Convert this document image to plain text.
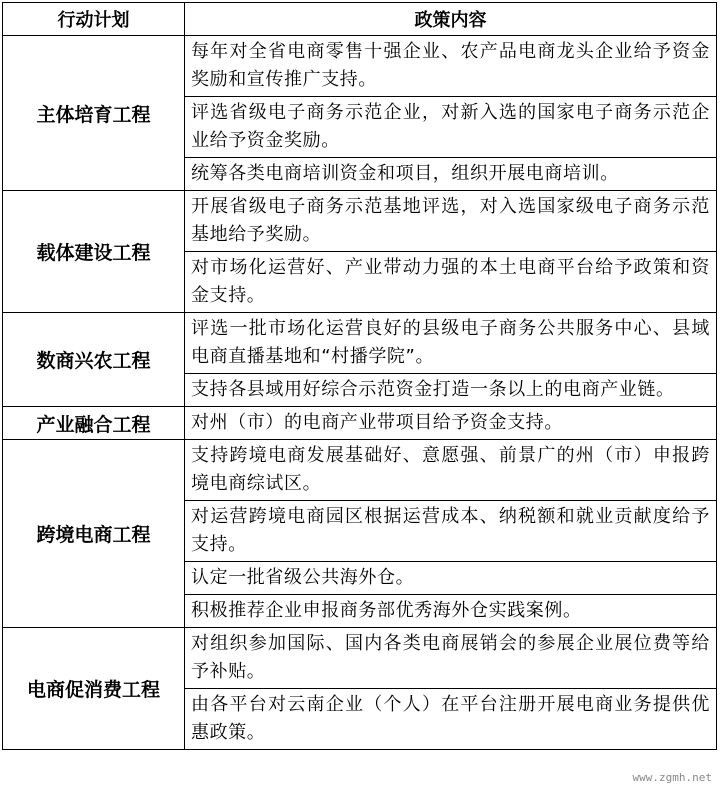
行动计划	政策内容
主体培育工程	每年对全省电商零售十强企业、农产品电商龙头企业给予资金奖励和宣传推广支持。
	评选省级电子商务示范企业，对新入选的国家电子商务示范企业给予资金奖励。
	统筹各类电商培训资金和项目，组织开展电商培训。
载体建设工程	开展省级电子商务示范基地评选，对入选国家级电子商务示范基地给予奖励。
	对市场化运营好、产业带动力强的本土电商平台给予政策和资金支持。
数商兴农工程	评选一批市场化运营良好的县级电子商务公共服务中心、县域电商直播基地和“村播学院”。
	支持各县域用好综合示范资金打造一条以上的电商产业链。
产业融合工程	对州（市）的电商产业带项目给予资金支持。
跨境电商工程	支持跨境电商发展基础好、意愿强、前景广的州（市）申报跨境电商综试区。
	对运营跨境电商园区根据运营成本、纳税额和就业贡献度给予支持。
	认定一批省级公共海外仓。
	积极推荐企业申报商务部优秀海外仓实践案例。
电商促消费工程	对组织参加国际、国内各类电商展销会的参展企业展位费等给予补贴。
	由各平台对云南企业（个人）在平台注册开展电商业务提供优惠政策。
www.zgmh.net
